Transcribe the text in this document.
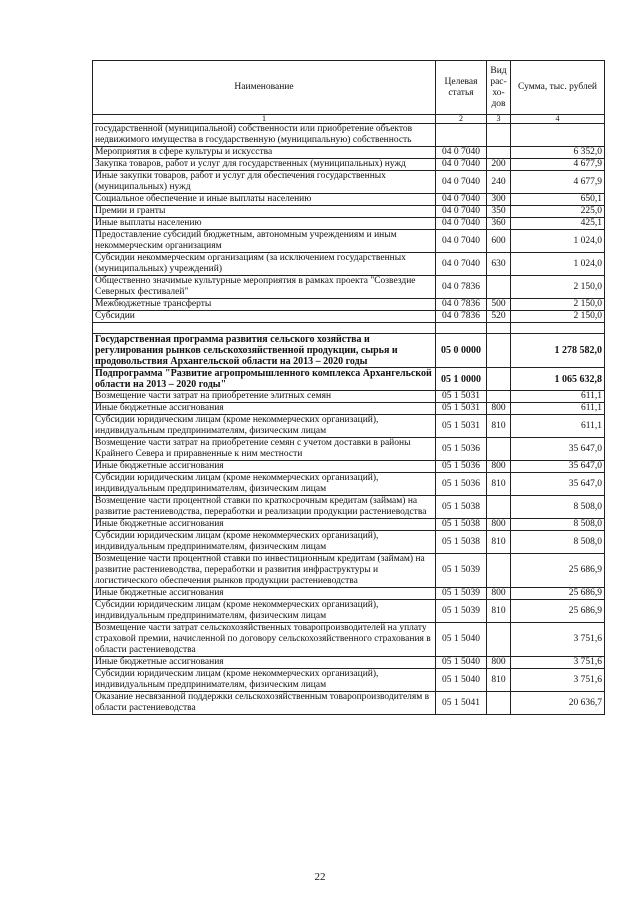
Наименование	Целевая статья	Вид рас- хо- дов	Сумма, тыс. рублей
1	2	3	4
государственной (муниципальной) собственности или приобретение объектов недвижимого имущества в государственную (муниципальную) собственность			
Мероприятия в сфере культуры и искусства	04 0 7040		6 352,0
Закупка товаров, работ и услуг для государственных (муниципальных) нужд	04 0 7040	200	4 677,9
Иные закупки товаров, работ и услуг для обеспечения государственных (муниципальных) нужд	04 0 7040	240	4 677,9
Социальное обеспечение и иные выплаты населению	04 0 7040	300	650,1
Премии и гранты	04 0 7040	350	225,0
Иные выплаты населению	04 0 7040	360	425,1
Предоставление субсидий бюджетным, автономным учреждениям и иным некоммерческим организациям	04 0 7040	600	1 024,0
Субсидии некоммерческим организациям (за исключением государственных (муниципальных) учреждений)	04 0 7040	630	1 024,0
Общественно значимые культурные мероприятия в рамках проекта "Созвездие Северных фестивалей"	04 0 7836		2 150,0
Межбюджетные трансферты	04 0 7836	500	2 150,0
Субсидии	04 0 7836	520	2 150,0

Государственная программа развития сельского хозяйства и регулирования рынков сельскохозяйственной продукции, сырья и продовольствия Архангельской области на 2013 – 2020 годы	05 0 0000		1 278 582,0
Подпрограмма "Развитие агропромышленного комплекса Архангельской области на 2013 – 2020 годы"	05 1 0000		1 065 632,8
Возмещение части затрат на приобретение элитных семян	05 1 5031		611,1
Иные бюджетные ассигнования	05 1 5031	800	611,1
Субсидии юридическим лицам (кроме некоммерческих организаций), индивидуальным предпринимателям, физическим лицам	05 1 5031	810	611,1
Возмещение части затрат на приобретение семян с учетом доставки в районы Крайнего Севера и приравненные к ним местности	05 1 5036		35 647,0
Иные бюджетные ассигнования	05 1 5036	800	35 647,0
Субсидии юридическим лицам (кроме некоммерческих организаций), индивидуальным предпринимателям, физическим лицам	05 1 5036	810	35 647,0
Возмещение части процентной ставки по краткосрочным кредитам (займам) на развитие растениеводства, переработки и реализации продукции растениеводства	05 1 5038		8 508,0
Иные бюджетные ассигнования	05 1 5038	800	8 508,0
Субсидии юридическим лицам (кроме некоммерческих организаций), индивидуальным предпринимателям, физическим лицам	05 1 5038	810	8 508,0
Возмещение части процентной ставки по инвестиционным кредитам (займам) на развитие растениеводства, переработки и развития инфраструктуры и логистического обеспечения рынков продукции растениеводства	05 1 5039		25 686,9
Иные бюджетные ассигнования	05 1 5039	800	25 686,9
Субсидии юридическим лицам (кроме некоммерческих организаций), индивидуальным предпринимателям, физическим лицам	05 1 5039	810	25 686,9
Возмещение части затрат сельскохозяйственных товаропроизводителей на уплату страховой премии, начисленной по договору сельскохозяйственного страхования в области растениеводства	05 1 5040		3 751,6
Иные бюджетные ассигнования	05 1 5040	800	3 751,6
Субсидии юридическим лицам (кроме некоммерческих организаций), индивидуальным предпринимателям, физическим лицам	05 1 5040	810	3 751,6
Оказание несвязанной поддержки сельскохозяйственным товаропроизводителям в области растениеводства	05 1 5041		20 636,7
22
